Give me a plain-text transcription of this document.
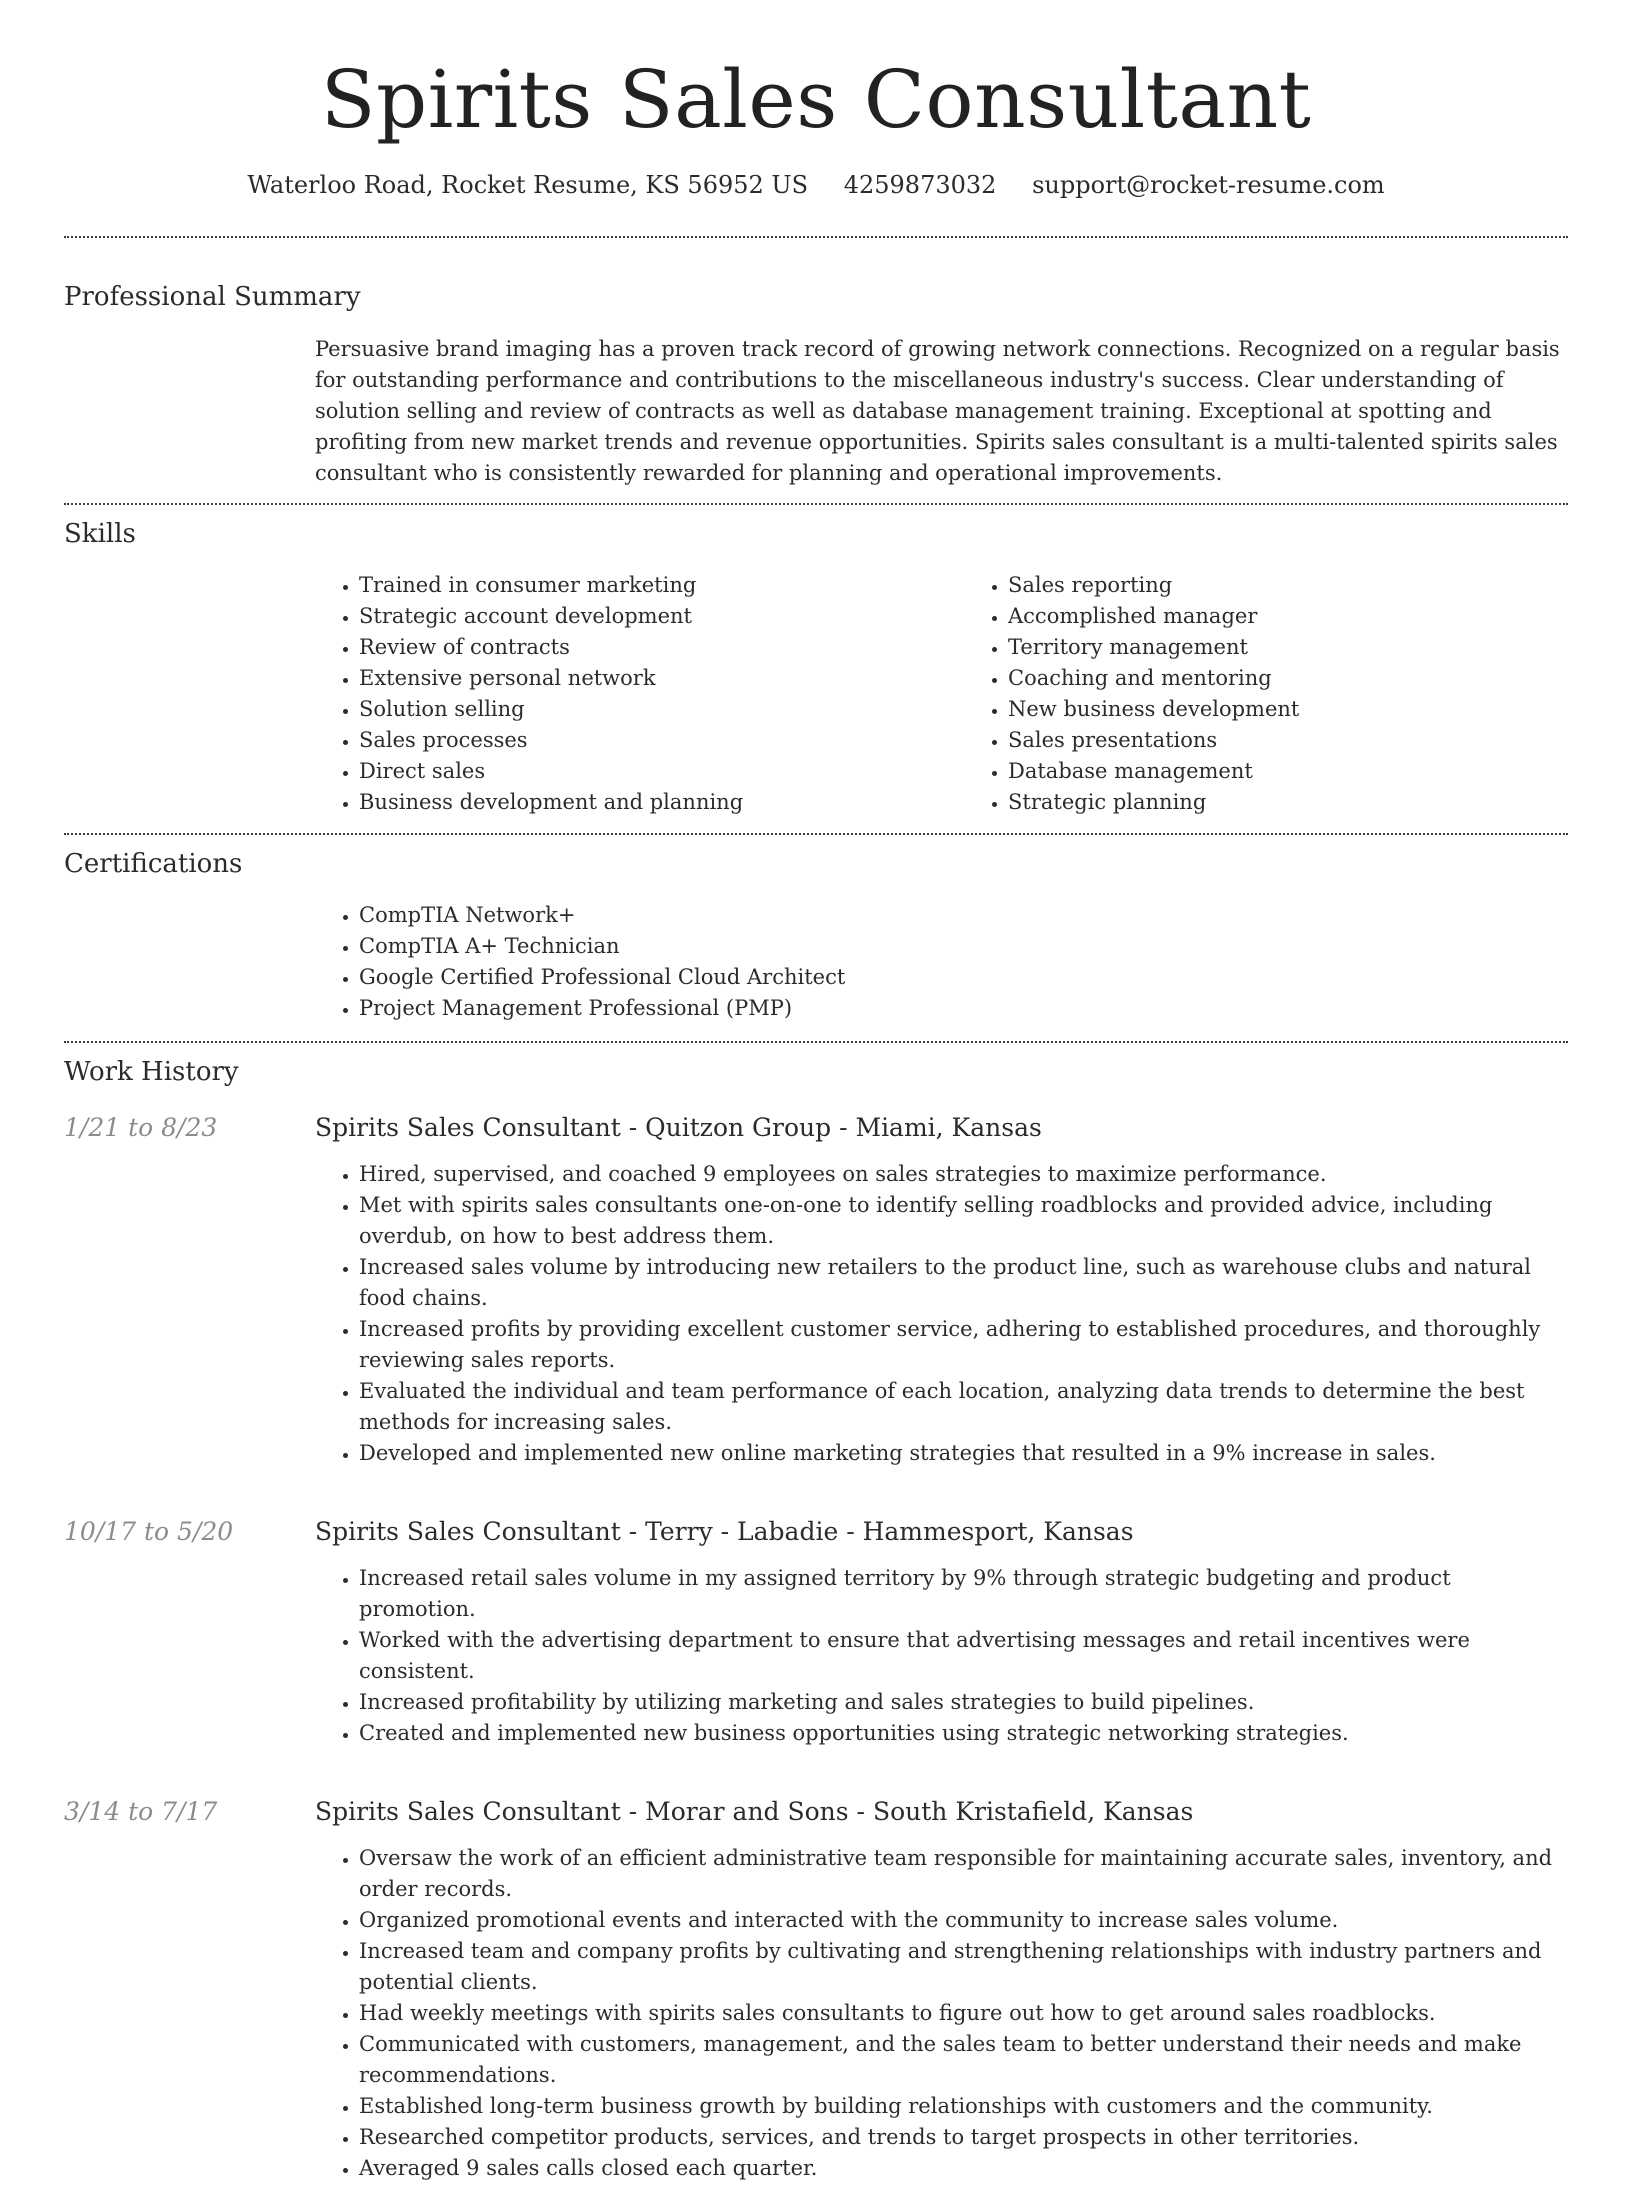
Spirits Sales Consultant
Waterloo Road, Rocket Resume, KS 56952 US 4259873032 support@rocket-resume.com
Professional Summary
Persuasive brand imaging has a proven track record of growing network connections. Recognized on a regular basis for outstanding performance and contributions to the miscellaneous industry's success. Clear understanding of solution selling and review of contracts as well as database management training. Exceptional at spotting and profiting from new market trends and revenue opportunities. Spirits sales consultant is a multi-talented spirits sales consultant who is consistently rewarded for planning and operational improvements.
Skills
• Trained in consumer marketing
• Strategic account development
• Review of contracts
• Extensive personal network
• Solution selling
• Sales processes
• Direct sales
• Business development and planning
• Sales reporting
• Accomplished manager
• Territory management
• Coaching and mentoring
• New business development
• Sales presentations
• Database management
• Strategic planning
Certifications
• CompTIA Network+
• CompTIA A+ Technician
• Google Certified Professional Cloud Architect
• Project Management Professional (PMP)
Work History
1/21 to 8/23	Spirits Sales Consultant - Quitzon Group - Miami, Kansas
• Hired, supervised, and coached 9 employees on sales strategies to maximize performance.
• Met with spirits sales consultants one-on-one to identify selling roadblocks and provided advice, including overdub, on how to best address them.
• Increased sales volume by introducing new retailers to the product line, such as warehouse clubs and natural food chains.
• Increased profits by providing excellent customer service, adhering to established procedures, and thoroughly reviewing sales reports.
• Evaluated the individual and team performance of each location, analyzing data trends to determine the best methods for increasing sales.
• Developed and implemented new online marketing strategies that resulted in a 9% increase in sales.
10/17 to 5/20	Spirits Sales Consultant - Terry - Labadie - Hammesport, Kansas
• Increased retail sales volume in my assigned territory by 9% through strategic budgeting and product promotion.
• Worked with the advertising department to ensure that advertising messages and retail incentives were consistent.
• Increased profitability by utilizing marketing and sales strategies to build pipelines.
• Created and implemented new business opportunities using strategic networking strategies.
3/14 to 7/17	Spirits Sales Consultant - Morar and Sons - South Kristafield, Kansas
• Oversaw the work of an efficient administrative team responsible for maintaining accurate sales, inventory, and order records.
• Organized promotional events and interacted with the community to increase sales volume.
• Increased team and company profits by cultivating and strengthening relationships with industry partners and potential clients.
• Had weekly meetings with spirits sales consultants to figure out how to get around sales roadblocks.
• Communicated with customers, management, and the sales team to better understand their needs and make recommendations.
• Established long-term business growth by building relationships with customers and the community.
• Researched competitor products, services, and trends to target prospects in other territories.
• Averaged 9 sales calls closed each quarter.
